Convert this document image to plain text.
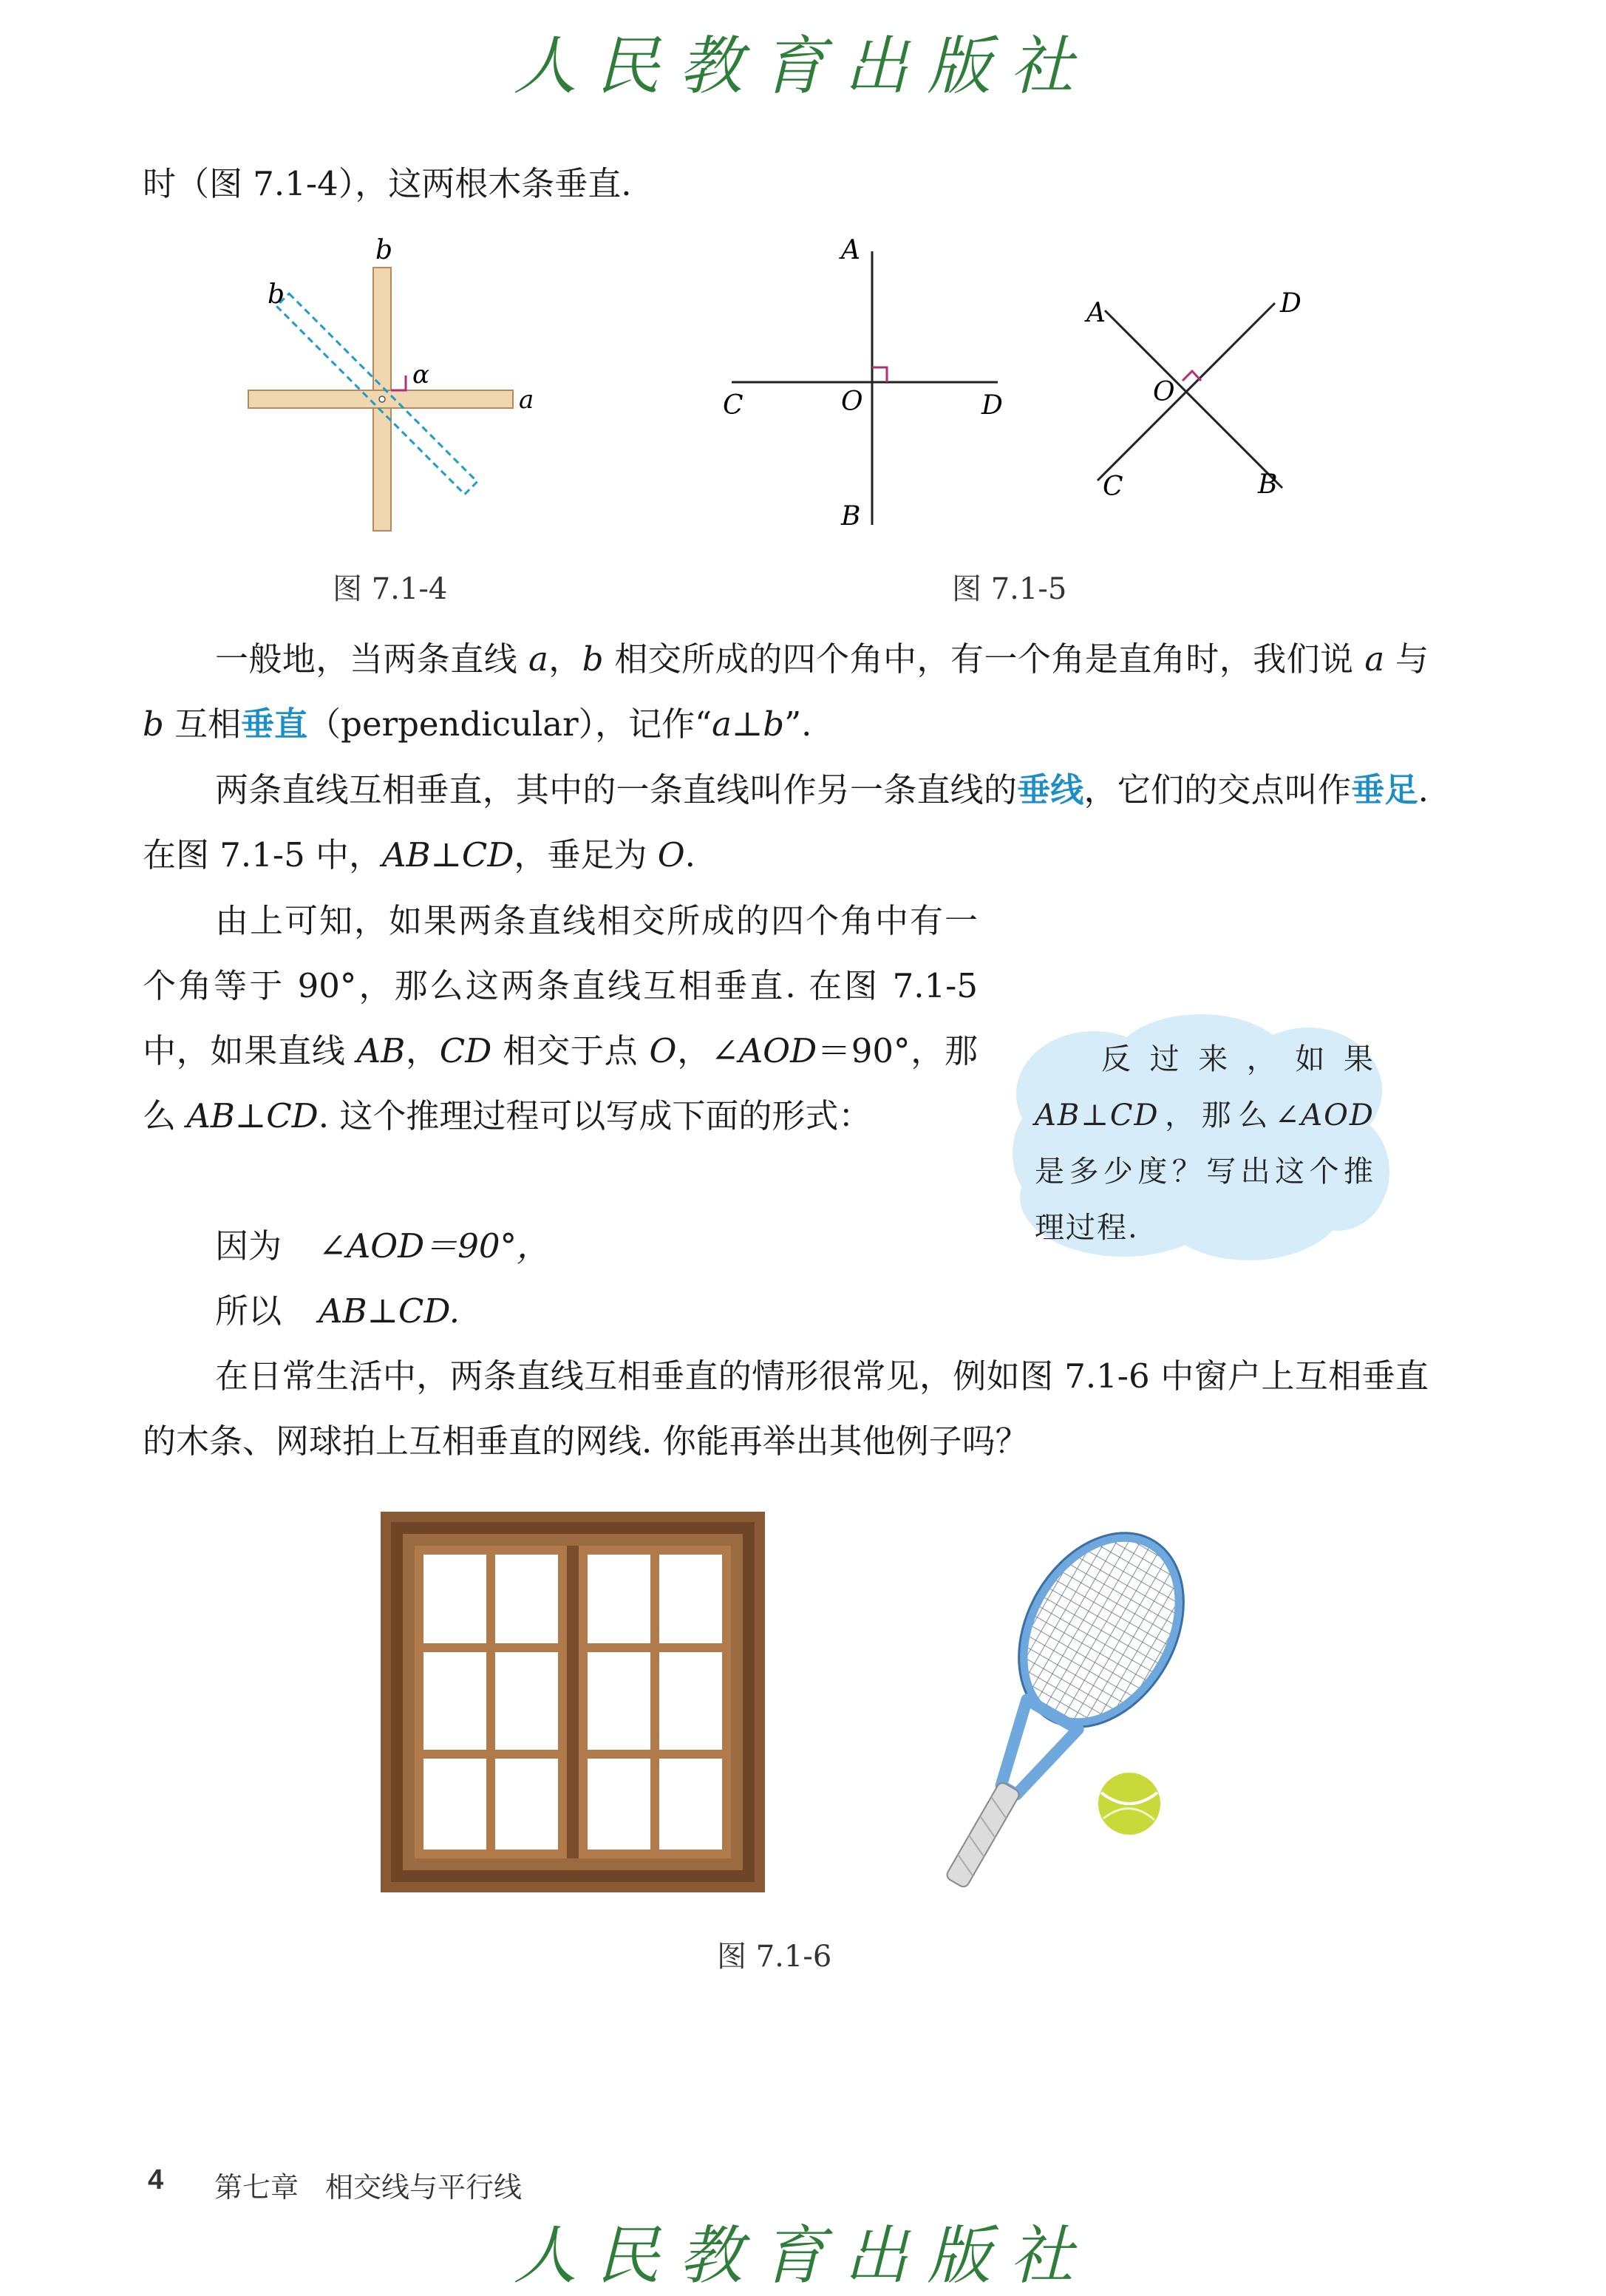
人民教育出版社
时（图 7.1-4），这两根木条垂直.
b
b
α
a
图 7.1-4
A
B
C	D
O
A	D
O
C	B
图 7.1-5
一般地，当两条直线 a，b 相交所成的四个角中，有一个角是直角时，我们说 a 与 b 互相垂直（perpendicular），记作“a⊥b”.
两条直线互相垂直，其中的一条直线叫作另一条直线的垂线，它们的交点叫作垂足. 在图 7.1-5 中，AB⊥CD，垂足为 O.
由上可知，如果两条直线相交所成的四个角中有一个角等于 90°，那么这两条直线互相垂直. 在图 7.1-5 中，如果直线 AB，CD 相交于点 O，∠AOD＝90°，那么 AB⊥CD. 这个推理过程可以写成下面的形式：
因为 ∠AOD＝90°，
所以 AB⊥CD.
反过来，如果 AB⊥CD，那么∠AOD 是多少度？写出这个推理过程.
在日常生活中，两条直线互相垂直的情形很常见，例如图 7.1-6 中窗户上互相垂直的木条、网球拍上互相垂直的网线. 你能再举出其他例子吗？
图 7.1-6
4 第七章 相交线与平行线
人民教育出版社
